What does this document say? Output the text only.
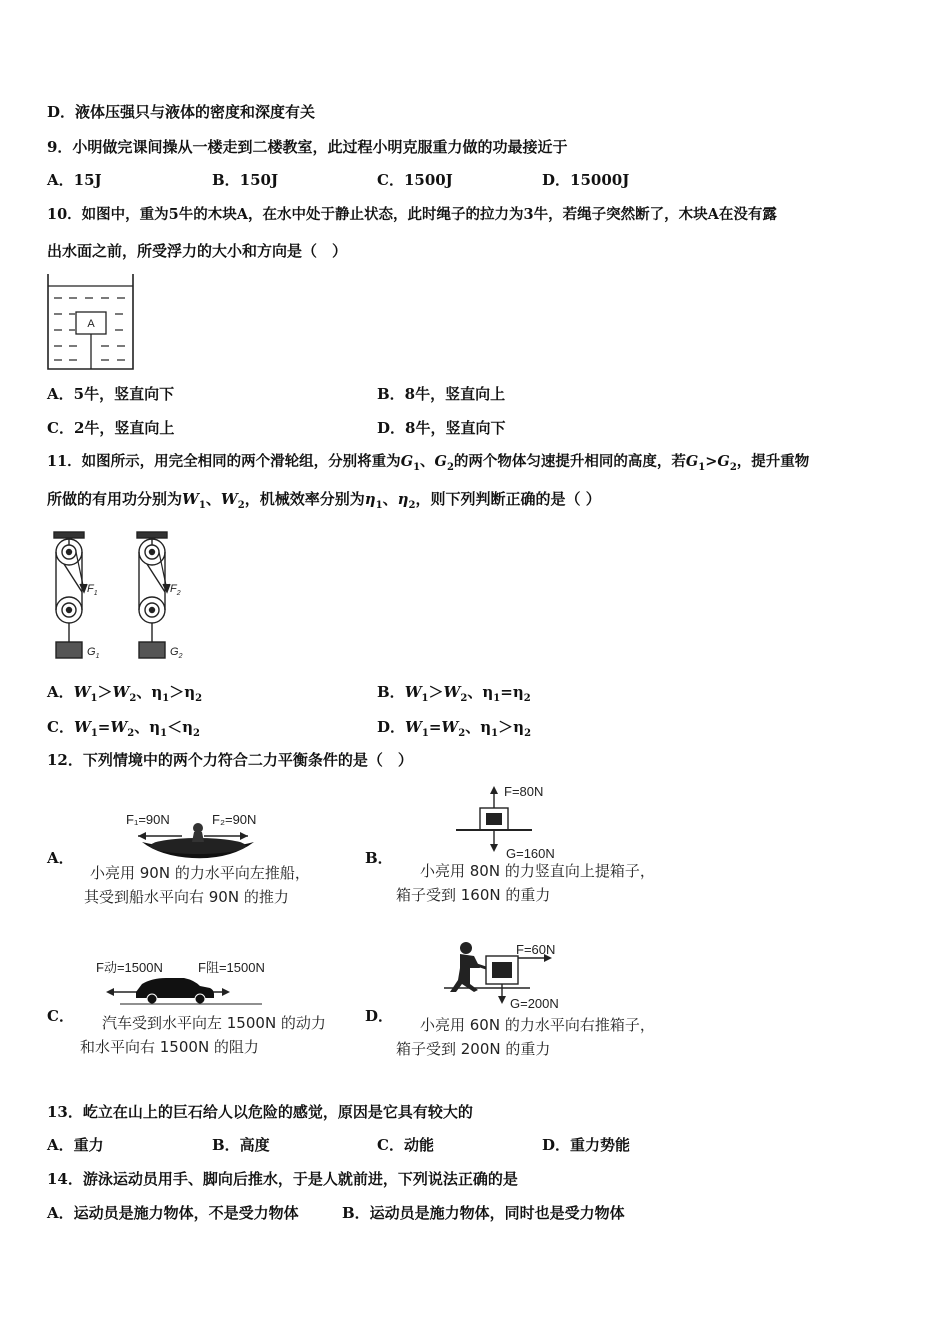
D．液体压强只与液体的密度和深度有关
9．小明做完课间操从一楼走到二楼教室，此过程小明克服重力做的功最接近于
A．15J	B．150J	C．1500J	D．15000J
10．如图中，重为5牛的木块A，在水中处于静止状态，此时绳子的拉力为3牛，若绳子突然断了，木块A在没有露
出水面之前，所受浮力的大小和方向是（　）
A
A．5牛，竖直向下	B．8牛，竖直向上
C．2牛，竖直向上	D．8牛，竖直向下
11．如图所示，用完全相同的两个滑轮组，分别将重为$G_1$、$G_2$的两个物体匀速提升相同的高度，若$G_1>G_2$，提升重物
所做的有用功分别为$W_1$、$W_2$，机械效率分别为$\eta_1$、$\eta_2$，则下列判断正确的是（ ）
$F_1$
$G_1$
$F_2$
$G_2$
A．$W_1>W_2$、$\eta_1>\eta_2$	B．$W_1>W_2$、$\eta_1=\eta_2$
C．$W_1=W_2$、$\eta_1<\eta_2$	D．$W_1=W_2$、$\eta_1>\eta_2$
12．下列情境中的两个力符合二力平衡条件的是（　）
A．
F₁=90N	F₂=90N
小亮用 90N 的力水平向左推船，
其受到船水平向右 90N 的推力
B．
F=80N
G=160N
小亮用 80N 的力竖直向上提箱子，
箱子受到 160N 的重力
C．
F动=1500N	F阻=1500N
汽车受到水平向左 1500N 的动力
和水平向右 1500N 的阻力
D．
F=60N
G=200N
小亮用 60N 的力水平向右推箱子，
箱子受到 200N 的重力
13．屹立在山上的巨石给人以危险的感觉，原因是它具有较大的
A．重力	B．高度	C．动能	D．重力势能
14．游泳运动员用手、脚向后推水，于是人就前进，下列说法正确的是
A．运动员是施力物体，不是受力物体	B．运动员是施力物体，同时也是受力物体
